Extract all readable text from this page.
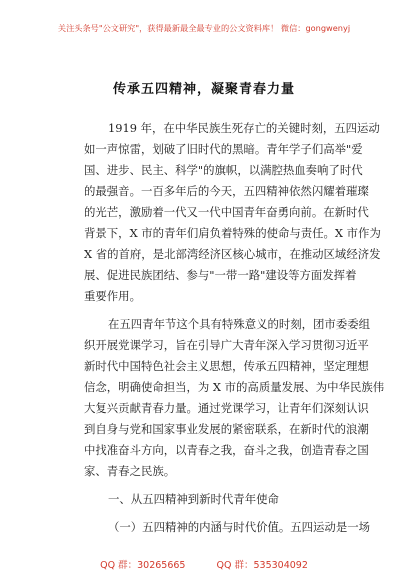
关注头条号"公文研究"，获得最新最全最专业的公文资料库！ 微信：gongwenyj
传承五四精神，凝聚青春力量
1919 年，在中华民族生死存亡的关键时刻，五四运动
如一声惊雷，划破了旧时代的黑暗。青年学子们高举"爱
国、进步、民主、科学"的旗帜，以满腔热血奏响了时代
的最强音。一百多年后的今天，五四精神依然闪耀着璀璨
的光芒，激励着一代又一代中国青年奋勇向前。在新时代
背景下，X 市的青年们肩负着特殊的使命与责任。X 市作为
X 省的首府，是北部湾经济区核心城市，在推动区域经济发
展、促进民族团结、参与"一带一路"建设等方面发挥着
重要作用。
在五四青年节这个具有特殊意义的时刻，团市委委组
织开展党课学习，旨在引导广大青年深入学习贯彻习近平
新时代中国特色社会主义思想，传承五四精神，坚定理想
信念，明确使命担当，为 X 市的高质量发展、为中华民族伟
大复兴贡献青春力量。通过党课学习，让青年们深刻认识
到自身与党和国家事业发展的紧密联系，在新时代的浪潮
中找准奋斗方向，以青春之我，奋斗之我，创造青春之国
家、青春之民族。
一、从五四精神到新时代青年使命
（一）五四精神的内涵与时代价值。五四运动是一场
QQ 群：30265665	QQ 群：535304092
